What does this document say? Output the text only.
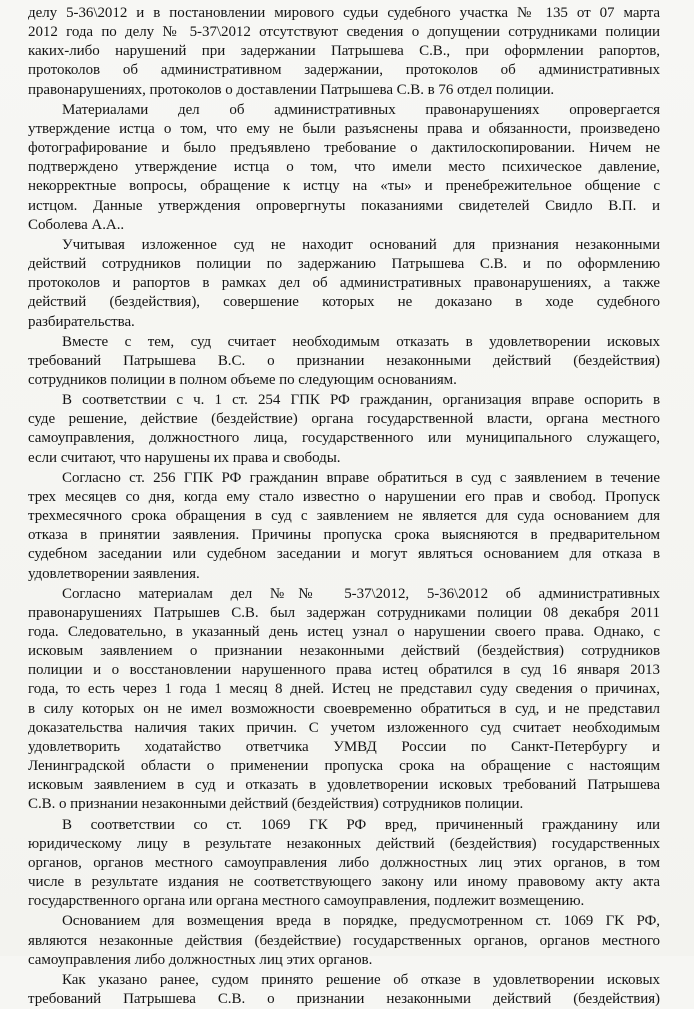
делу 5-36\2012 и в постановлении мирового судьи судебного участка № 135 от 07 марта
2012 года по делу № 5-37\2012 отсутствуют сведения о допущении сотрудниками полиции
каких-либо нарушений при задержании Патрышева С.В., при оформлении рапортов,
протоколов об административном задержании, протоколов об административных
правонарушениях, протоколов о доставлении Патрышева С.В. в 76 отдел полиции.

Материалами дел об административных правонарушениях опровергается
утверждение истца о том, что ему не были разъяснены права и обязанности, произведено
фотографирование и было предъявлено требование о дактилоскопировании. Ничем не
подтверждено утверждение истца о том, что имели место психическое давление,
некорректные вопросы, обращение к истцу на «ты» и пренебрежительное общение с
истцом. Данные утверждения опровергнуты показаниями свидетелей Свидло В.П. и
Соболева А.А..

Учитывая изложенное суд не находит оснований для признания незаконными
действий сотрудников полиции по задержанию Патрышева С.В. и по оформлению
протоколов и рапортов в рамках дел об административных правонарушениях, а также
действий (бездействия), совершение которых не доказано в ходе судебного
разбирательства.

Вместе с тем, суд считает необходимым отказать в удовлетворении исковых
требований Патрышева В.С. о признании незаконными действий (бездействия)
сотрудников полиции в полном объеме по следующим основаниям.

В соответствии с ч. 1 ст. 254 ГПК РФ гражданин, организация вправе оспорить в
суде решение, действие (бездействие) органа государственной власти, органа местного
самоуправления, должностного лица, государственного или муниципального служащего,
если считают, что нарушены их права и свободы.

Согласно ст. 256 ГПК РФ гражданин вправе обратиться в суд с заявлением в течение
трех месяцев со дня, когда ему стало известно о нарушении его прав и свобод. Пропуск
трехмесячного срока обращения в суд с заявлением не является для суда основанием для
отказа в принятии заявления. Причины пропуска срока выясняются в предварительном
судебном заседании или судебном заседании и могут являться основанием для отказа в
удовлетворении заявления.

Согласно материалам дел №№ 5-37\2012, 5-36\2012 об административных
правонарушениях Патрышев С.В. был задержан сотрудниками полиции 08 декабря 2011
года. Следовательно, в указанный день истец узнал о нарушении своего права. Однако, с
исковым заявлением о признании незаконными действий (бездействия) сотрудников
полиции и о восстановлении нарушенного права истец обратился в суд 16 января 2013
года, то есть через 1 года 1 месяц 8 дней. Истец не представил суду сведения о причинах,
в силу которых он не имел возможности своевременно обратиться в суд, и не представил
доказательства наличия таких причин. С учетом изложенного суд считает необходимым
удовлетворить ходатайство ответчика УМВД России по Санкт-Петербургу и
Ленинградской области о применении пропуска срока на обращение с настоящим
исковым заявлением в суд и отказать в удовлетворении исковых требований Патрышева
С.В. о признании незаконными действий (бездействия) сотрудников полиции.

В соответствии со ст. 1069 ГК РФ вред, причиненный гражданину или
юридическому лицу в результате незаконных действий (бездействия) государственных
органов, органов местного самоуправления либо должностных лиц этих органов, в том
числе в результате издания не соответствующего закону или иному правовому акту акта
государственного органа или органа местного самоуправления, подлежит возмещению.

Основанием для возмещения вреда в порядке, предусмотренном ст. 1069 ГК РФ,
являются незаконные действия (бездействие) государственных органов, органов местного
самоуправления либо должностных лиц этих органов.

Как указано ранее, судом принято решение об отказе в удовлетворении исковых
требований Патрышева С.В. о признании незаконными действий (бездействия)
